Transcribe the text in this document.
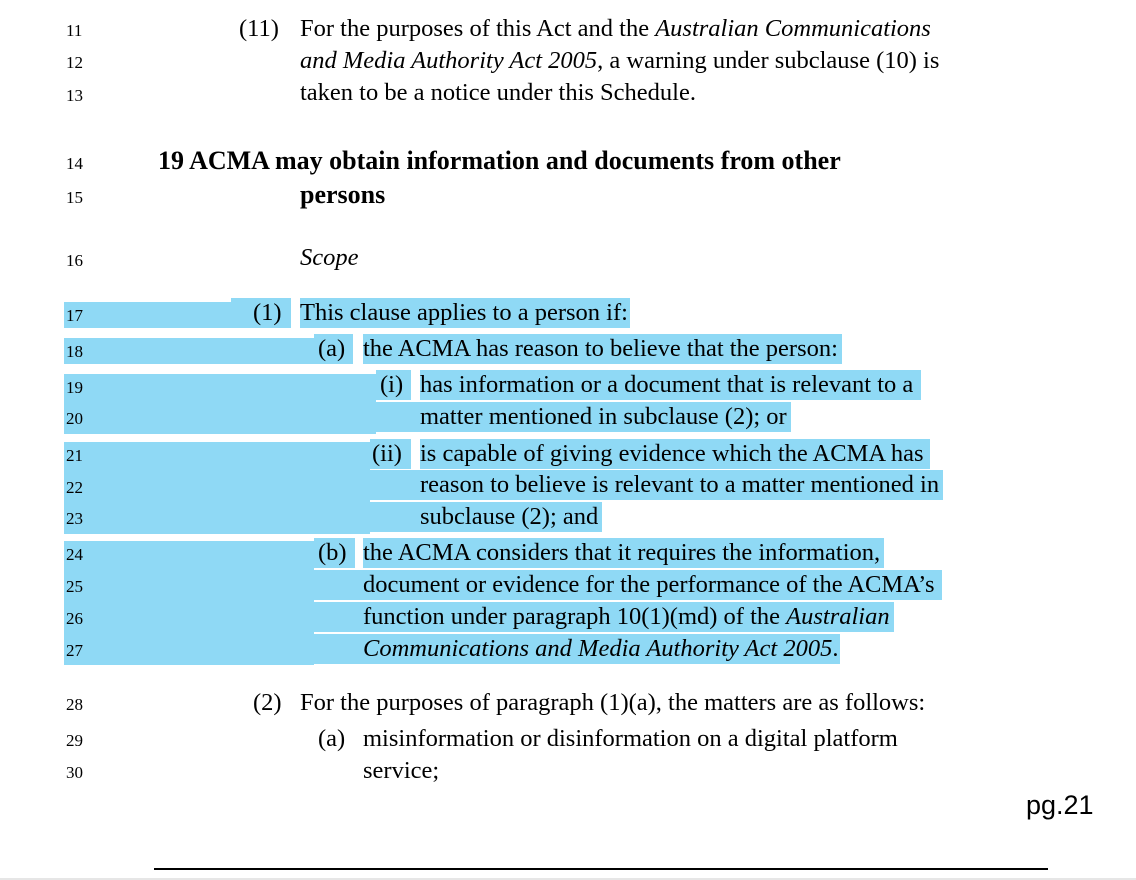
11
12
13
14
15
16
17
18
19
20
21
22
23
24
25
26
27
28
29
30
(11) For the purposes of this Act and the Australian Communications
and Media Authority Act 2005, a warning under subclause (10) is
taken to be a notice under this Schedule.
19 ACMA may obtain information and documents from other
persons
Scope
(1) This clause applies to a person if:
(a) the ACMA has reason to believe that the person:
(i) has information or a document that is relevant to a
matter mentioned in subclause (2); or
(ii) is capable of giving evidence which the ACMA has
reason to believe is relevant to a matter mentioned in
subclause (2); and
(b) the ACMA considers that it requires the information,
document or evidence for the performance of the ACMA’s
function under paragraph 10(1)(md) of the Australian
Communications and Media Authority Act 2005.
(2) For the purposes of paragraph (1)(a), the matters are as follows:
(a) misinformation or disinformation on a digital platform
service;
pg.21
